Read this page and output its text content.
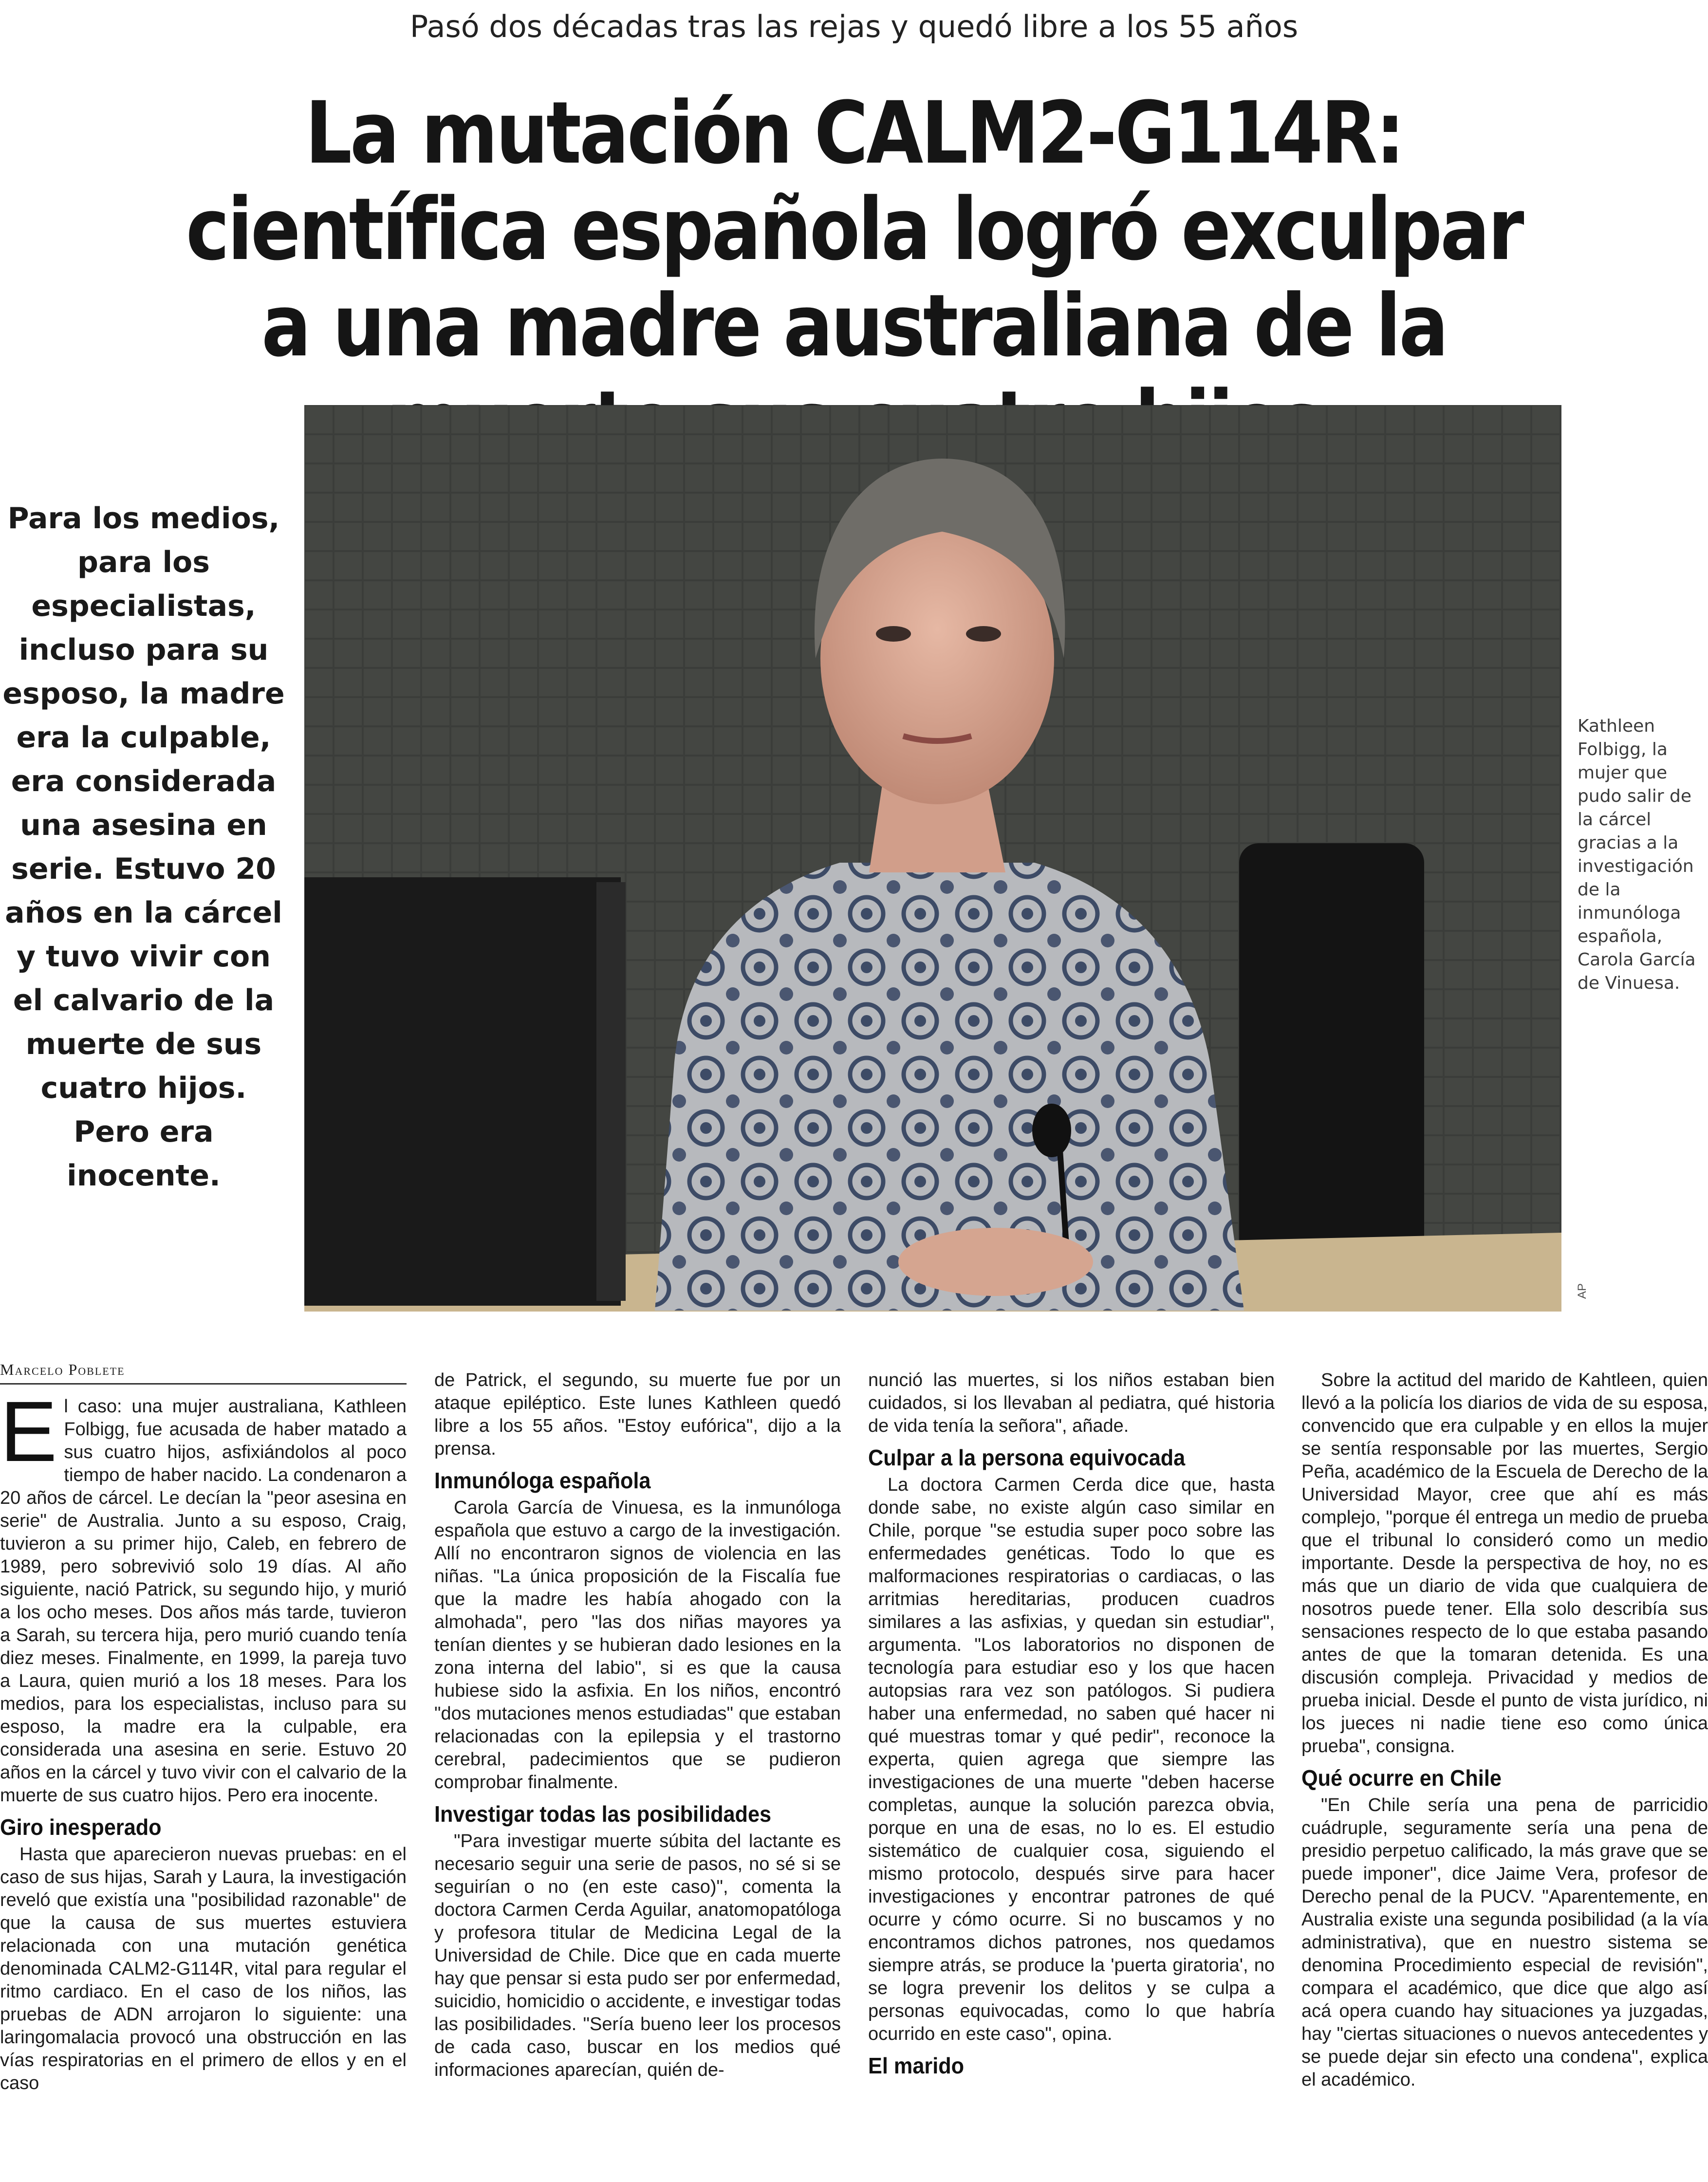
Pasó dos décadas tras las rejas y quedó libre a los 55 años
La mutación CALM2-G114R: científica española logró exculpar a una madre australiana de la
Para los medios, para los especialistas, incluso para su esposo, la madre era la culpable, era considerada una asesina en serie. Estuvo 20 años en la cárcel y tuvo vivir con el calvario de la muerte de sus cuatro hijos. Pero era inocente.
Kathleen Folbigg, la mujer que pudo salir de la cárcel gracias a la investigación de la inmunóloga española, Carola García de Vinuesa.
AP
Marcelo Poblete

El caso: una mujer australiana, Kathleen Folbigg, fue acusada de haber matado a sus cuatro hijos, asfixiándolos al poco tiempo de haber nacido. La condenaron a 20 años de cárcel. Le decían la "peor asesina en serie" de Australia. Junto a su esposo, Craig, tuvieron a su primer hijo, Caleb, en febrero de 1989, pero sobrevivió solo 19 días. Al año siguiente, nació Patrick, su segundo hijo, y murió a los ocho meses. Dos años más tarde, tuvieron a Sarah, su tercera hija, pero murió cuando tenía diez meses. Finalmente, en 1999, la pareja tuvo a Laura, quien murió a los 18 meses. Para los medios, para los especialistas, incluso para su esposo, la madre era la culpable, era considerada una asesina en serie. Estuvo 20 años en la cárcel y tuvo vivir con el calvario de la muerte de sus cuatro hijos. Pero era inocente.

Giro inesperado

Hasta que aparecieron nuevas pruebas: en el caso de sus hijas, Sarah y Laura, la investigación reveló que existía una "posibilidad razonable" de que la causa de sus muertes estuviera relacionada con una mutación genética denominada CALM2-G114R, vital para regular el ritmo cardiaco. En el caso de los niños, las pruebas de ADN arrojaron lo siguiente: una laringomalacia provocó una obstrucción en las vías respiratorias en el primero de ellos y en el caso

de Patrick, el segundo, su muerte fue por un ataque epiléptico. Este lunes Kathleen quedó libre a los 55 años. "Estoy eufórica", dijo a la prensa.

Inmunóloga española

Carola García de Vinuesa, es la inmunóloga española que estuvo a cargo de la investigación. Allí no encontraron signos de violencia en las niñas. "La única proposición de la Fiscalía fue que la madre les había ahogado con la almohada", pero "las dos niñas mayores ya tenían dientes y se hubieran dado lesiones en la zona interna del labio", si es que la causa hubiese sido la asfixia. En los niños, encontró "dos mutaciones menos estudiadas" que estaban relacionadas con la epilepsia y el trastorno cerebral, padecimientos que se pudieron comprobar finalmente.

Investigar todas las posibilidades

"Para investigar muerte súbita del lactante es necesario seguir una serie de pasos, no sé si se seguirían o no (en este caso)", comenta la doctora Carmen Cerda Aguilar, anatomopatóloga y profesora titular de Medicina Legal de la Universidad de Chile. Dice que en cada muerte hay que pensar si esta pudo ser por enfermedad, suicidio, homicidio o accidente, e investigar todas las posibilidades. "Sería bueno leer los procesos de cada caso, buscar en los medios qué informaciones aparecían, quién de-

nunció las muertes, si los niños estaban bien cuidados, si los llevaban al pediatra, qué historia de vida tenía la señora", añade.

Culpar a la persona equivocada

La doctora Carmen Cerda dice que, hasta donde sabe, no existe algún caso similar en Chile, porque "se estudia super poco sobre las enfermedades genéticas. Todo lo que es malformaciones respiratorias o cardiacas, o las arritmias hereditarias, producen cuadros similares a las asfixias, y quedan sin estudiar", argumenta. "Los laboratorios no disponen de tecnología para estudiar eso y los que hacen autopsias rara vez son patólogos. Si pudiera haber una enfermedad, no saben qué hacer ni qué muestras tomar y qué pedir", reconoce la experta, quien agrega que siempre las investigaciones de una muerte "deben hacerse completas, aunque la solución parezca obvia, porque en una de esas, no lo es. El estudio sistemático de cualquier cosa, siguiendo el mismo protocolo, después sirve para hacer investigaciones y encontrar patrones de qué ocurre y cómo ocurre. Si no buscamos y no encontramos dichos patrones, nos quedamos siempre atrás, se produce la 'puerta giratoria', no se logra prevenir los delitos y se culpa a personas equivocadas, como lo que habría ocurrido en este caso", opina.

El marido

Sobre la actitud del marido de Kahtleen, quien llevó a la policía los diarios de vida de su esposa, convencido que era culpable y en ellos la mujer se sentía responsable por las muertes, Sergio Peña, académico de la Escuela de Derecho de la Universidad Mayor, cree que ahí es más complejo, "porque él entrega un medio de prueba que el tribunal lo consideró como un medio importante. Desde la perspectiva de hoy, no es más que un diario de vida que cualquiera de nosotros puede tener. Ella solo describía sus sensaciones respecto de lo que estaba pasando antes de que la tomaran detenida. Es una discusión compleja. Privacidad y medios de prueba inicial. Desde el punto de vista jurídico, ni los jueces ni nadie tiene eso como única prueba", consigna.

Qué ocurre en Chile

"En Chile sería una pena de parricidio cuádruple, seguramente sería una pena de presidio perpetuo calificado, la más grave que se puede imponer", dice Jaime Vera, profesor de Derecho penal de la PUCV. "Aparentemente, en Australia existe una segunda posibilidad (a la vía administrativa), que en nuestro sistema se denomina Procedimiento especial de revisión", compara el académico, que dice que algo así acá opera cuando hay situaciones ya juzgadas, hay "ciertas situaciones o nuevos antecedentes y se puede dejar sin efecto una condena", explica el académico.
